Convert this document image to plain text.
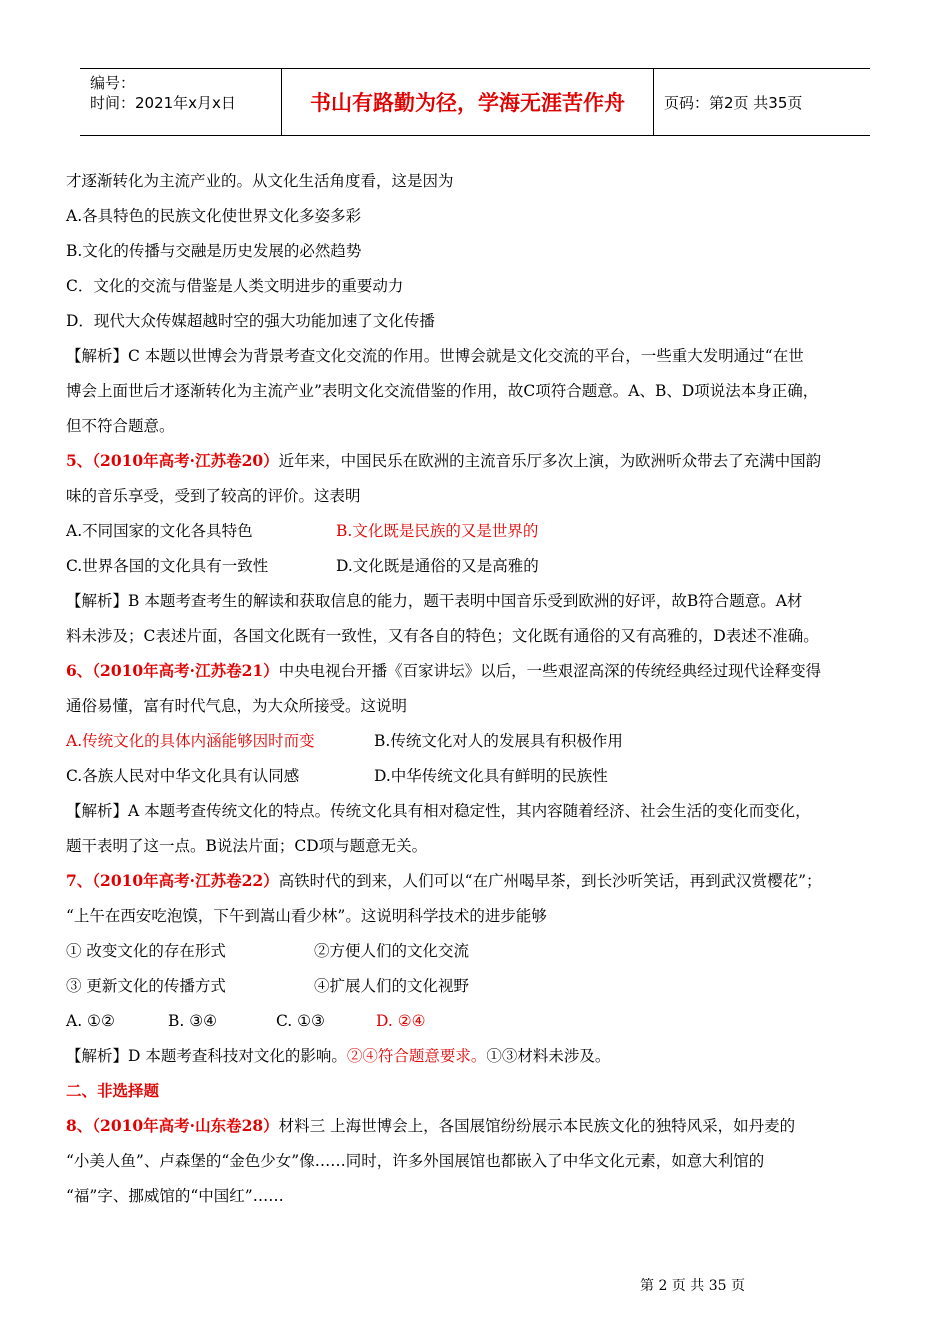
编号：
时间：2021年x月x日	书山有路勤为径，学海无涯苦作舟	页码：第2页 共35页
才逐渐转化为主流产业的。从文化生活角度看，这是因为
A.各具特色的民族文化使世界文化多姿多彩
B.文化的传播与交融是历史发展的必然趋势
C．文化的交流与借鉴是人类文明进步的重要动力
D．现代大众传媒超越时空的强大功能加速了文化传播
【解析】C 本题以世博会为背景考查文化交流的作用。世博会就是文化交流的平台，一些重大发明通过“在世
博会上面世后才逐渐转化为主流产业”表明文化交流借鉴的作用，故C项符合题意。A、B、D项说法本身正确，
但不符合题意。
5、（2010年高考·江苏卷20）近年来，中国民乐在欧洲的主流音乐厅多次上演，为欧洲听众带去了充满中国韵
味的音乐享受，受到了较高的评价。这表明
A.不同国家的文化各具特色	B.文化既是民族的又是世界的
C.世界各国的文化具有一致性	D.文化既是通俗的又是高雅的
【解析】B 本题考查考生的解读和获取信息的能力，题干表明中国音乐受到欧洲的好评，故B符合题意。A材
料未涉及；C表述片面，各国文化既有一致性，又有各自的特色；文化既有通俗的又有高雅的，D表述不准确。
6、（2010年高考·江苏卷21）中央电视台开播《百家讲坛》以后，一些艰涩高深的传统经典经过现代诠释变得
通俗易懂，富有时代气息，为大众所接受。这说明
A.传统文化的具体内涵能够因时而变	B.传统文化对人的发展具有积极作用
C.各族人民对中华文化具有认同感	D.中华传统文化具有鲜明的民族性
【解析】A 本题考查传统文化的特点。传统文化具有相对稳定性，其内容随着经济、社会生活的变化而变化，
题干表明了这一点。B说法片面；CD项与题意无关。
7、（2010年高考·江苏卷22）高铁时代的到来，人们可以“在广州喝早茶，到长沙听笑话，再到武汉赏樱花”；
“上午在西安吃泡馍，下午到嵩山看少林”。这说明科学技术的进步能够
① 改变文化的存在形式	②方便人们的文化交流
③ 更新文化的传播方式	④扩展人们的文化视野
A. ①②	B. ③④	C. ①③	D. ②④
【解析】D 本题考查科技对文化的影响。②④符合题意要求。①③材料未涉及。
二、非选择题
8、（2010年高考·山东卷28）材料三 上海世博会上，各国展馆纷纷展示本民族文化的独特风采，如丹麦的
“小美人鱼”、卢森堡的“金色少女”像……同时，许多外国展馆也都嵌入了中华文化元素，如意大利馆的
“福”字、挪威馆的“中国红”……
第 2 页 共 35 页
